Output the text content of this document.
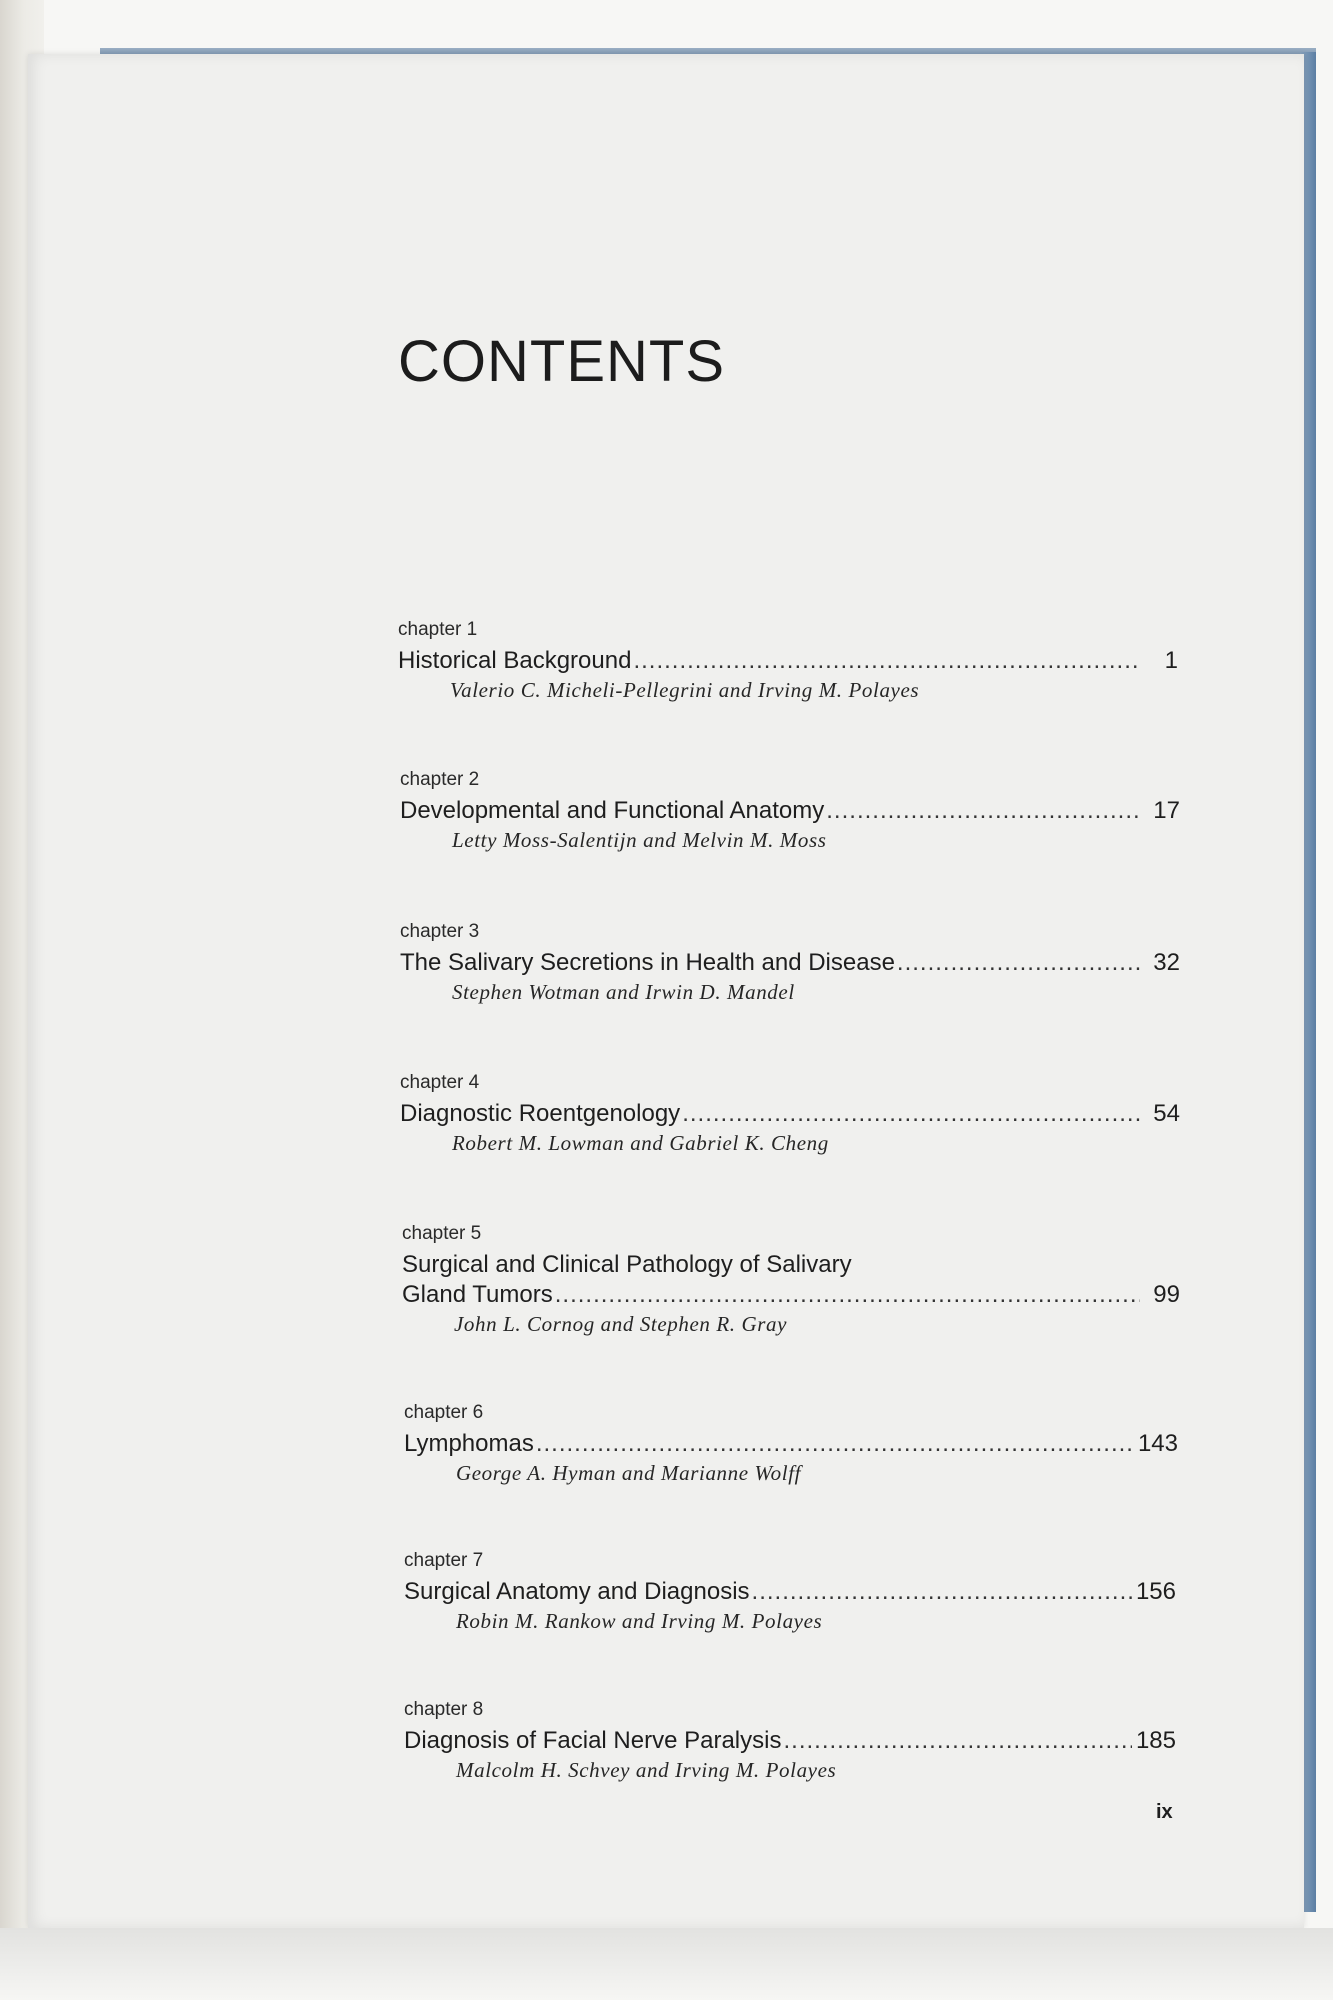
CONTENTS
chapter 1
Historical Background .....	1
Valerio C. Micheli-Pellegrini and Irving M. Polayes
chapter 2
Developmental and Functional Anatomy .....	17
Letty Moss-Salentijn and Melvin M. Moss
chapter 3
The Salivary Secretions in Health and Disease .....	32
Stephen Wotman and Irwin D. Mandel
chapter 4
Diagnostic Roentgenology .....	54
Robert M. Lowman and Gabriel K. Cheng
chapter 5
Surgical and Clinical Pathology of Salivary
Gland Tumors .....	99
John L. Cornog and Stephen R. Gray
chapter 6
Lymphomas .....	143
George A. Hyman and Marianne Wolff
chapter 7
Surgical Anatomy and Diagnosis .....	156
Robin M. Rankow and Irving M. Polayes
chapter 8
Diagnosis of Facial Nerve Paralysis .....	185
Malcolm H. Schvey and Irving M. Polayes
ix
